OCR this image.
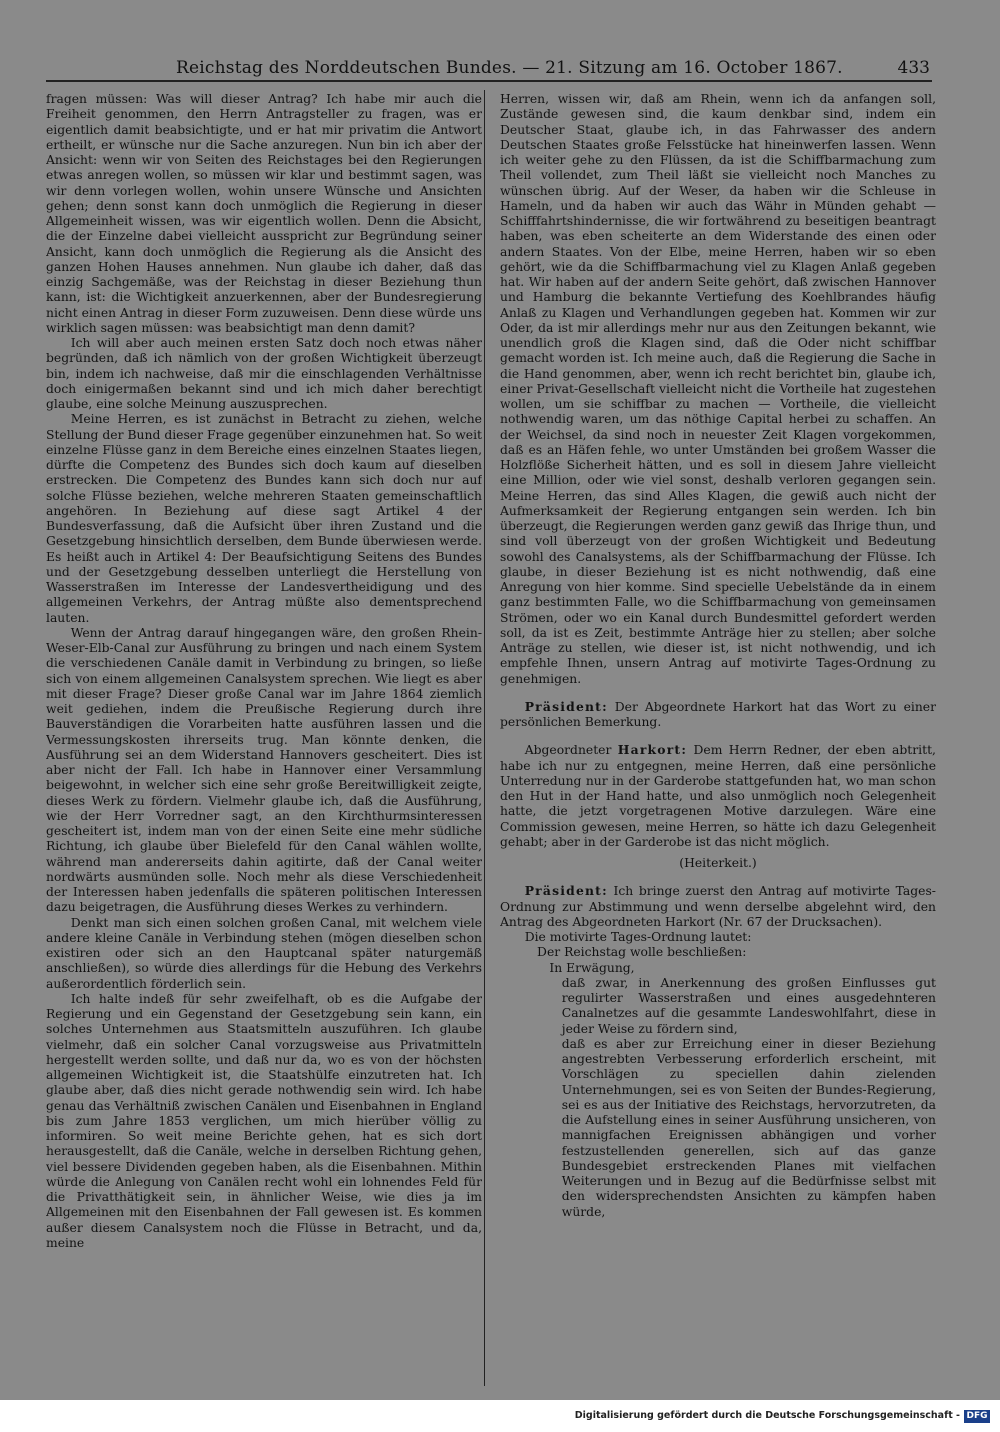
Reichstag des Norddeutschen Bundes. — 21. Sitzung am 16. October 1867.	433

fragen müssen: Was will dieser Antrag? Ich habe mir auch die Freiheit genommen, den Herrn Antragsteller zu fragen, was er eigentlich damit beabsichtigte, und er hat mir privatim die Antwort ertheilt, er wünsche nur die Sache anzuregen. Nun bin ich aber der Ansicht: wenn wir von Seiten des Reichstages bei den Regierungen etwas anregen wollen, so müssen wir klar und bestimmt sagen, was wir denn vorlegen wollen, wohin unsere Wünsche und Ansichten gehen; denn sonst kann doch unmöglich die Regierung in dieser Allgemeinheit wissen, was wir eigentlich wollen. Denn die Absicht, die der Einzelne dabei vielleicht ausspricht zur Begründung seiner Ansicht, kann doch unmöglich die Regierung als die Ansicht des ganzen Hohen Hauses annehmen. Nun glaube ich daher, daß das einzig Sachgemäße, was der Reichstag in dieser Beziehung thun kann, ist: die Wichtigkeit anzuerkennen, aber der Bundesregierung nicht einen Antrag in dieser Form zuzuweisen. Denn diese würde uns wirklich sagen müssen: was beabsichtigt man denn damit?

Ich will aber auch meinen ersten Satz doch noch etwas näher begründen, daß ich nämlich von der großen Wichtigkeit überzeugt bin, indem ich nachweise, daß mir die einschlagenden Verhältnisse doch einigermaßen bekannt sind und ich mich daher berechtigt glaube, eine solche Meinung auszusprechen.

Meine Herren, es ist zunächst in Betracht zu ziehen, welche Stellung der Bund dieser Frage gegenüber einzunehmen hat. So weit einzelne Flüsse ganz in dem Bereiche eines einzelnen Staates liegen, dürfte die Competenz des Bundes sich doch kaum auf dieselben erstrecken. Die Competenz des Bundes kann sich doch nur auf solche Flüsse beziehen, welche mehreren Staaten gemeinschaftlich angehören. In Beziehung auf diese sagt Artikel 4 der Bundesverfassung, daß die Aufsicht über ihren Zustand und die Gesetzgebung hinsichtlich derselben, dem Bunde überwiesen werde. Es heißt auch in Artikel 4: Der Beaufsichtigung Seitens des Bundes und der Gesetzgebung desselben unterliegt die Herstellung von Wasserstraßen im Interesse der Landesvertheidigung und des allgemeinen Verkehrs, der Antrag müßte also dementsprechend lauten.

Wenn der Antrag darauf hingegangen wäre, den großen Rhein-Weser-Elb-Canal zur Ausführung zu bringen und nach einem System die verschiedenen Canäle damit in Verbindung zu bringen, so ließe sich von einem allgemeinen Canalsystem sprechen. Wie liegt es aber mit dieser Frage? Dieser große Canal war im Jahre 1864 ziemlich weit gediehen, indem die Preußische Regierung durch ihre Bauverständigen die Vorarbeiten hatte ausführen lassen und die Vermessungskosten ihrerseits trug. Man könnte denken, die Ausführung sei an dem Widerstand Hannovers gescheitert. Dies ist aber nicht der Fall. Ich habe in Hannover einer Versammlung beigewohnt, in welcher sich eine sehr große Bereitwilligkeit zeigte, dieses Werk zu fördern. Vielmehr glaube ich, daß die Ausführung, wie der Herr Vorredner sagt, an den Kirchthurmsinteressen gescheitert ist, indem man von der einen Seite eine mehr südliche Richtung, ich glaube über Bielefeld für den Canal wählen wollte, während man andererseits dahin agitirte, daß der Canal weiter nordwärts ausmünden solle. Noch mehr als diese Verschiedenheit der Interessen haben jedenfalls die späteren politischen Interessen dazu beigetragen, die Ausführung dieses Werkes zu verhindern.

Denkt man sich einen solchen großen Canal, mit welchem viele andere kleine Canäle in Verbindung stehen (mögen dieselben schon existiren oder sich an den Hauptcanal später naturgemäß anschließen), so würde dies allerdings für die Hebung des Verkehrs außerordentlich förderlich sein.

Ich halte indeß für sehr zweifelhaft, ob es die Aufgabe der Regierung und ein Gegenstand der Gesetzgebung sein kann, ein solches Unternehmen aus Staatsmitteln auszuführen. Ich glaube vielmehr, daß ein solcher Canal vorzugsweise aus Privatmitteln hergestellt werden sollte, und daß nur da, wo es von der höchsten allgemeinen Wichtigkeit ist, die Staatshülfe einzutreten hat. Ich glaube aber, daß dies nicht gerade nothwendig sein wird. Ich habe genau das Verhältniß zwischen Canälen und Eisenbahnen in England bis zum Jahre 1853 verglichen, um mich hierüber völlig zu informiren. So weit meine Berichte gehen, hat es sich dort herausgestellt, daß die Canäle, welche in derselben Richtung gehen, viel bessere Dividenden gegeben haben, als die Eisenbahnen. Mithin würde die Anlegung von Canälen recht wohl ein lohnendes Feld für die Privatthätigkeit sein, in ähnlicher Weise, wie dies ja im Allgemeinen mit den Eisenbahnen der Fall gewesen ist. Es kommen außer diesem Canalsystem noch die Flüsse in Betracht, und da, meine

Herren, wissen wir, daß am Rhein, wenn ich da anfangen soll, Zustände gewesen sind, die kaum denkbar sind, indem ein Deutscher Staat, glaube ich, in das Fahrwasser des andern Deutschen Staates große Felsstücke hat hineinwerfen lassen. Wenn ich weiter gehe zu den Flüssen, da ist die Schiffbarmachung zum Theil vollendet, zum Theil läßt sie vielleicht noch Manches zu wünschen übrig. Auf der Weser, da haben wir die Schleuse in Hameln, und da haben wir auch das Währ in Münden gehabt — Schifffahrtshindernisse, die wir fortwährend zu beseitigen beantragt haben, was eben scheiterte an dem Widerstande des einen oder andern Staates. Von der Elbe, meine Herren, haben wir so eben gehört, wie da die Schiffbarmachung viel zu Klagen Anlaß gegeben hat. Wir haben auf der andern Seite gehört, daß zwischen Hannover und Hamburg die bekannte Vertiefung des Koehlbrandes häufig Anlaß zu Klagen und Verhandlungen gegeben hat. Kommen wir zur Oder, da ist mir allerdings mehr nur aus den Zeitungen bekannt, wie unendlich groß die Klagen sind, daß die Oder nicht schiffbar gemacht worden ist. Ich meine auch, daß die Regierung die Sache in die Hand genommen, aber, wenn ich recht berichtet bin, glaube ich, einer Privat-Gesellschaft vielleicht nicht die Vortheile hat zugestehen wollen, um sie schiffbar zu machen — Vortheile, die vielleicht nothwendig waren, um das nöthige Capital herbei zu schaffen. An der Weichsel, da sind noch in neuester Zeit Klagen vorgekommen, daß es an Häfen fehle, wo unter Umständen bei großem Wasser die Holzflöße Sicherheit hätten, und es soll in diesem Jahre vielleicht eine Million, oder wie viel sonst, deshalb verloren gegangen sein. Meine Herren, das sind Alles Klagen, die gewiß auch nicht der Aufmerksamkeit der Regierung entgangen sein werden. Ich bin überzeugt, die Regierungen werden ganz gewiß das Ihrige thun, und sind voll überzeugt von der großen Wichtigkeit und Bedeutung sowohl des Canalsystems, als der Schiffbarmachung der Flüsse. Ich glaube, in dieser Beziehung ist es nicht nothwendig, daß eine Anregung von hier komme. Sind specielle Uebelstände da in einem ganz bestimmten Falle, wo die Schiffbarmachung von gemeinsamen Strömen, oder wo ein Kanal durch Bundesmittel gefordert werden soll, da ist es Zeit, bestimmte Anträge hier zu stellen; aber solche Anträge zu stellen, wie dieser ist, ist nicht nothwendig, und ich empfehle Ihnen, unsern Antrag auf motivirte Tages-Ordnung zu genehmigen.

Präsident: Der Abgeordnete Harkort hat das Wort zu einer persönlichen Bemerkung.

Abgeordneter Harkort: Dem Herrn Redner, der eben abtritt, habe ich nur zu entgegnen, meine Herren, daß eine persönliche Unterredung nur in der Garderobe stattgefunden hat, wo man schon den Hut in der Hand hatte, und also unmöglich noch Gelegenheit hatte, die jetzt vorgetragenen Motive darzulegen. Wäre eine Commission gewesen, meine Herren, so hätte ich dazu Gelegenheit gehabt; aber in der Garderobe ist das nicht möglich.

(Heiterkeit.)

Präsident: Ich bringe zuerst den Antrag auf motivirte Tages-Ordnung zur Abstimmung und wenn derselbe abgelehnt wird, den Antrag des Abgeordneten Harkort (Nr. 67 der Drucksachen).

Die motivirte Tages-Ordnung lautet:

Der Reichstag wolle beschließen:

In Erwägung,

daß zwar, in Anerkennung des großen Einflusses gut regulirter Wasserstraßen und eines ausgedehnteren Canalnetzes auf die gesammte Landeswohlfahrt, diese in jeder Weise zu fördern sind,

daß es aber zur Erreichung einer in dieser Beziehung angestrebten Verbesserung erforderlich erscheint, mit Vorschlägen zu speciellen dahin zielenden Unternehmungen, sei es von Seiten der Bundes-Regierung, sei es aus der Initiative des Reichstags, hervorzutreten, da die Aufstellung eines in seiner Ausführung unsicheren, von mannigfachen Ereignissen abhängigen und vorher festzustellenden generellen, sich auf das ganze Bundesgebiet erstreckenden Planes mit vielfachen Weiterungen und in Bezug auf die Bedürfnisse selbst mit den widersprechendsten Ansichten zu kämpfen haben würde,

Digitalisierung gefördert durch die Deutsche Forschungsgemeinschaft - DFG
